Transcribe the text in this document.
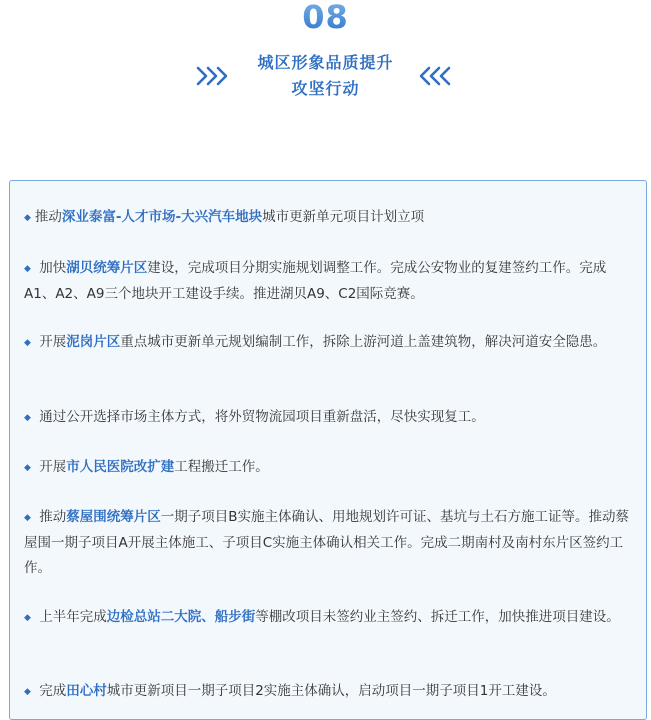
08
城区形象品质提升
攻坚行动
◆ 推动深业泰富-人才市场-大兴汽车地块城市更新单元项目计划立项
◆ 加快湖贝统筹片区建设，完成项目分期实施规划调整工作。完成公安物业的复建签约工作。完成A1、A2、A9三个地块开工建设手续。推进湖贝A9、C2国际竞赛。
◆ 开展泥岗片区重点城市更新单元规划编制工作，拆除上游河道上盖建筑物，解决河道安全隐患。
◆ 通过公开选择市场主体方式，将外贸物流园项目重新盘活，尽快实现复工。
◆ 开展市人民医院改扩建工程搬迁工作。
◆ 推动蔡屋围统筹片区一期子项目B实施主体确认、用地规划许可证、基坑与土石方施工证等。推动蔡屋围一期子项目A开展主体施工、子项目C实施主体确认相关工作。完成二期南村及南村东片区签约工作。
◆ 上半年完成边检总站二大院、船步街等棚改项目未签约业主签约、拆迁工作，加快推进项目建设。
◆ 完成田心村城市更新项目一期子项目2实施主体确认，启动项目一期子项目1开工建设。
